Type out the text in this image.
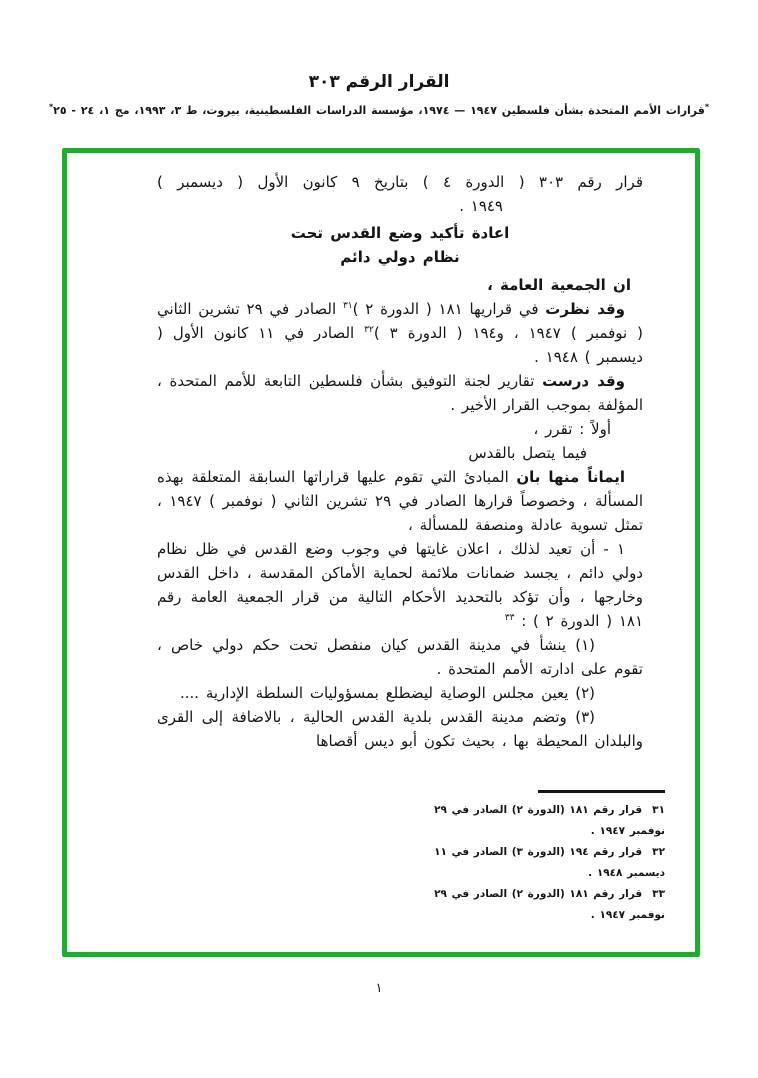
القرار الرقم ٣٠٣
*قرارات الأمم المتحدة بشأن فلسطين ١٩٤٧ — ١٩٧٤، مؤسسة الدراسات الفلسطينية، بيروت، ط ٣، ١٩٩٣، مج ١، ٢٤ - ٢٥*
قرار رقم ٣٠٣ ( الدورة ٤ ) بتاريخ ٩ كانون الأول ( ديسمبر )
١٩٤٩ .
اعادة تأكيد وضع القدس تحت
نظام دولي دائم

ان الجمعية العامة ،

وقد نظرت في قراريها ١٨١ ( الدورة ٢ )$^{٣١}$ الصادر في ٢٩ تشرين الثاني ( نوفمبر ) ١٩٤٧ ، و١٩٤ ( الدورة ٣ )$^{٣٢}$ الصادر في ١١ كانون الأول ( ديسمبر ) ١٩٤٨ .

وقد درست تقارير لجنة التوفيق بشأن فلسطين التابعة للأمم المتحدة ، المؤلفة بموجب القرار الأخير .

أولاً : تقرر ،

فيما يتصل بالقدس

ايماناً منها بان المبادئ التي تقوم عليها قراراتها السابقة المتعلقة بهذه المسألة ، وخصوصاً قرارها الصادر في ٢٩ تشرين الثاني ( نوفمبر ) ١٩٤٧ ، تمثل تسوية عادلة ومنصفة للمسألة ،

١ - أن تعيد لذلك ، اعلان غايتها في وجوب وضع القدس في ظل نظام دولي دائم ، يجسد ضمانات ملائمة لحماية الأماكن المقدسة ، داخل القدس وخارجها ، وأن تؤكد بالتحديد الأحكام التالية من قرار الجمعية العامة رقم ١٨١ ( الدورة ٢ ) : $^{٣٣}$

(١) ينشأ في مدينة القدس كيان منفصل تحت حكم دولي خاص ، تقوم على ادارته الأمم المتحدة .

(٢) يعين مجلس الوصاية ليضطلع بمسؤوليات السلطة الإدارية ....

(٣) وتضم مدينة القدس بلدية القدس الحالية ، بالاضافة إلى القرى والبلدان المحيطة بها ، بحيث تكون أبو ديس أقصاها

٣١قرار رقم ١٨١ (الدورة ٢) الصادر في ٢٩ نوفمبر ١٩٤٧ .
٣٢قرار رقم ١٩٤ (الدورة ٣) الصادر في ١١ ديسمبر ١٩٤٨ .
٣٣قرار رقم ١٨١ (الدورة ٢) الصادر في ٢٩ نوفمبر ١٩٤٧ .
١
